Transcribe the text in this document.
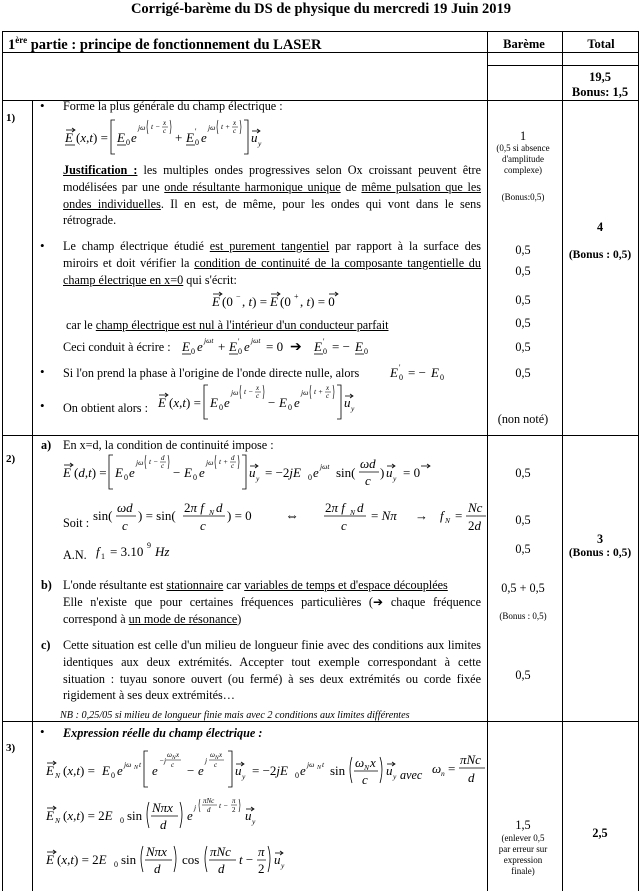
Corrigé-barème du DS de physique du mercredi 19 Juin 2019
1ère partie : principe de fonctionnement du LASER	Barème	Total
19,5
Bonus: 1,5
1)
• Forme la plus générale du champ électrique :
E (x,t) = E 0 e
jω t − x
c + E '
0 e
jω t + x
c u y
Justification : les multiples ondes progressives selon Ox croissant peuvent être modélisées par une onde résultante harmonique unique de même pulsation que les ondes individuelles. Il en est, de même, pour les ondes qui vont dans le sens rétrograde.
• Le champ électrique étudié est purement tangentiel par rapport à la surface des miroirs et doit vérifier la condition de continuité de la composante tangentielle du champ électrique en x=0 qui s'écrit:
E (0 − , t) = E (0 + , t) = 0
car le champ électrique est nul à l'intérieur d'un conducteur parfait
Ceci conduit à écrire : E 0 e jωt + E '
0 e jωt = 0 ➔ E '
0 = − E 0
• Si l'on prend la phase à l'origine de l'onde directe nulle, alors E '
0 = − E 0
• On obtient alors : E (x,t) = E 0 e
jω t − x
c − E 0 e
jω t + x
c u y
1
(0,5 si absence
d'amplitude
complexe)
(Bonus:0,5)
0,5
0,5
0,5
0,5
0,5
0,5
(non noté)
4
(Bonus : 0,5)
2)
a) En x=d, la condition de continuité impose :
E (d,t) = E 0 e
jω t − d
c − E 0 e
jω t + d
c u y = −2jE 0 e jωt sin(
ωd
c
) u y = 0
Soit : sin(
ωd
c
) = sin(
2π f N d
c
) = 0 ⇔
2π f N d
c
= Nπ → f N =
Nc
2d
A.N. f 1 = 3.10 9 Hz
b) L'onde résultante est stationnaire car variables de temps et d'espace découplées
Elle n'existe que pour certaines fréquences particulières (➔ chaque fréquence correspond à un mode de résonance)
c) Cette situation est celle d'un milieu de longueur finie avec des conditions aux limites identiques aux deux extrémités. Accepter tout exemple correspondant à cette situation : tuyau sonore ouvert (ou fermé) à ses deux extrémités ou corde fixée rigidement à ses deux extrémités…
NB : 0,25/05 si milieu de longueur finie mais avec 2 conditions aux limites différentes
0,5
0,5
0,5
0,5 + 0,5
(Bonus : 0,5)
0,5
3
(Bonus : 0,5)
3)
• Expression réelle du champ électrique :
E N (x,t) = E 0 e jω N t e
−j
ω N x
c − e
j
ω N x
c u y = −2jE 0 e jω N t sin
ω N x
c
u y avec ω n =
πNc
d
E N (x,t) = 2E 0 sin
Nπx
d
e
j
πNc
d t − π
2 u y
E (x,t) = 2E 0 sin
Nπx
d
cos
πNc
d
t −
π
2
u y
1,5
(enlever 0,5
par erreur sur
expression
finale)
2,5
